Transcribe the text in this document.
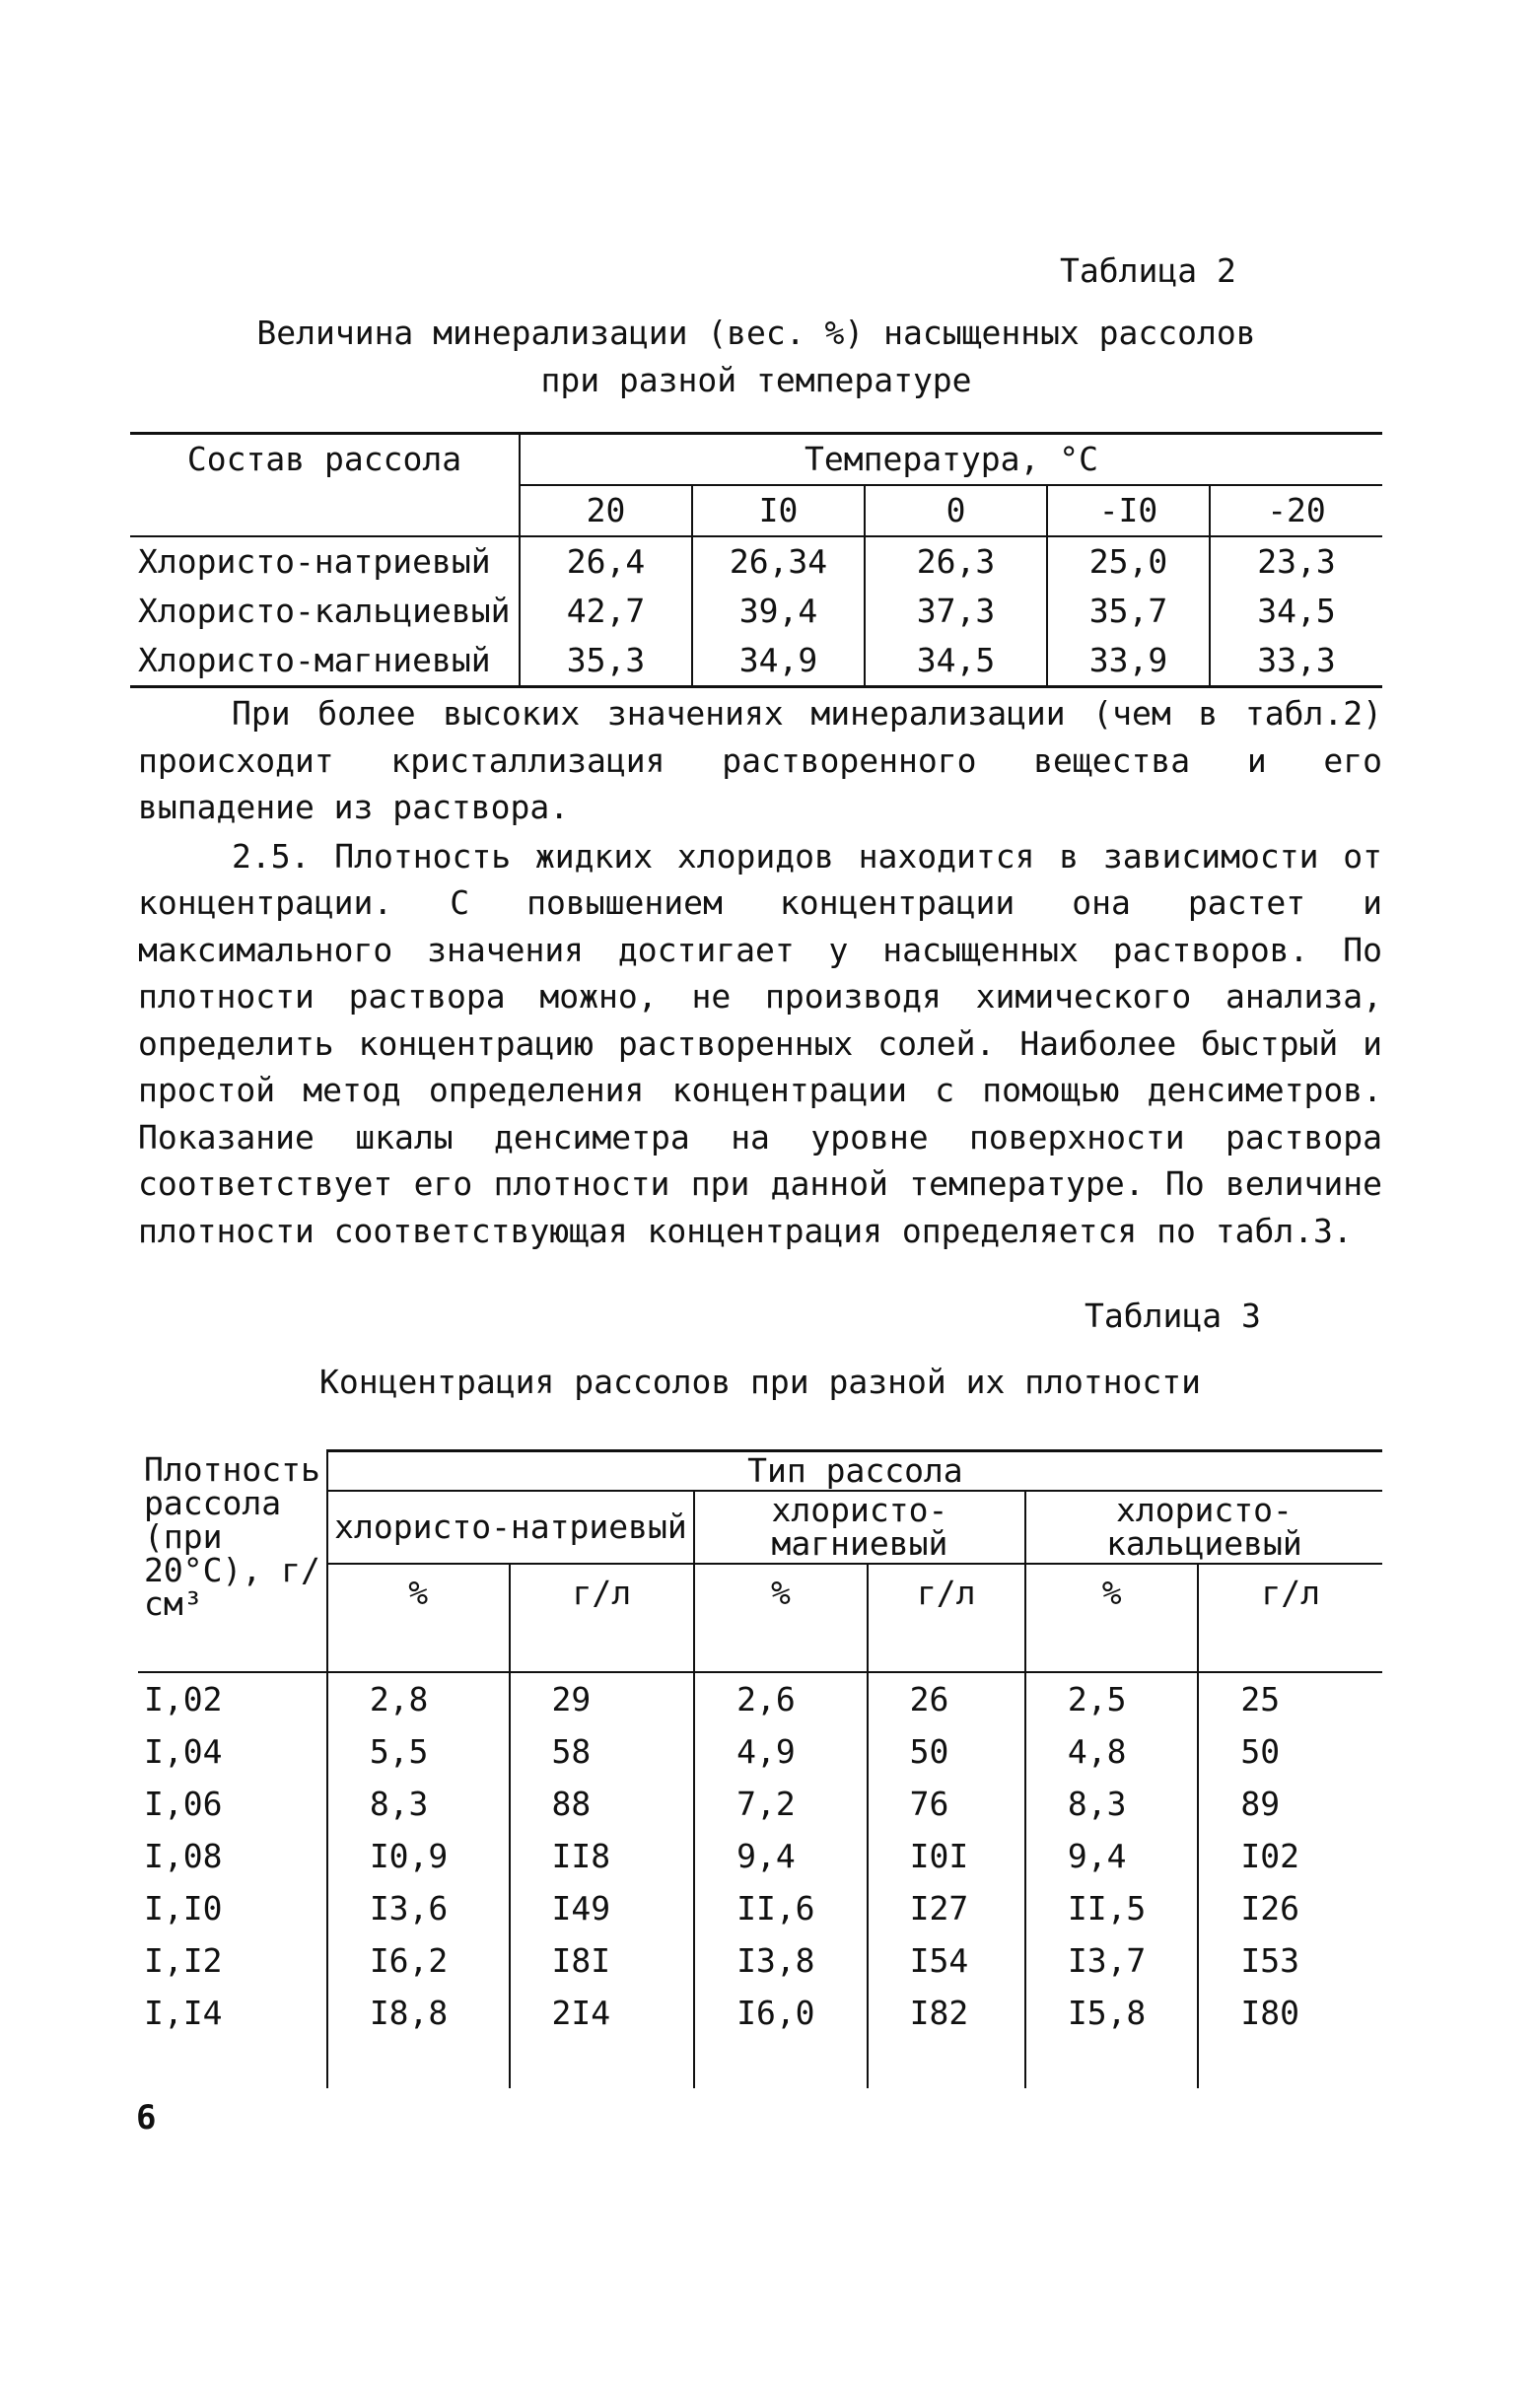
Таблица 2
Величина минерализации (вес. %) насыщенных рассолов
при разной температуре
Состав рассола	Температура, °С				
	20	I0	0	-I0	-20
Хлористо-натриевый	26,4	26,34	26,3	25,0	23,3
Хлористо-кальциевый	42,7	39,4	37,3	35,7	34,5
Хлористо-магниевый	35,3	34,9	34,5	33,9	33,3

При более высоких значениях минерализации (чем в табл.2) происходит кристаллизация растворенного вещества и его выпадение из раствора.

2.5. Плотность жидких хлоридов находится в зависимости от концентрации. С повышением концентрации она растет и максимального значения достигает у насыщенных растворов. По плотности раствора можно, не производя химического анализа, определить концентрацию растворенных солей. Наиболее быстрый и простой метод определения концентрации с помощью денсиметров. Показание шкалы денсиметра на уровне поверхности раствора соответствует его плотности при данной температуре. По величине плотности соответствующая концентрация определяется по табл.3.

Таблица 3
Концентрация рассолов при разной их плотности
Плотность рассола (при 20°С), г/см³	Тип рассола					
	хлористо-натриевый		хлористо-магниевый		хлористо-кальциевый	
	%	г/л	%	г/л	%	г/л
I,02	2,8	29	2,6	26	2,5	25
I,04	5,5	58	4,9	50	4,8	50
I,06	8,3	88	7,2	76	8,3	89
I,08	I0,9	II8	9,4	I0I	9,4	I02
I,I0	I3,6	I49	II,6	I27	II,5	I26
I,I2	I6,2	I8I	I3,8	I54	I3,7	I53
I,I4	I8,8	2I4	I6,0	I82	I5,8	I80

6
